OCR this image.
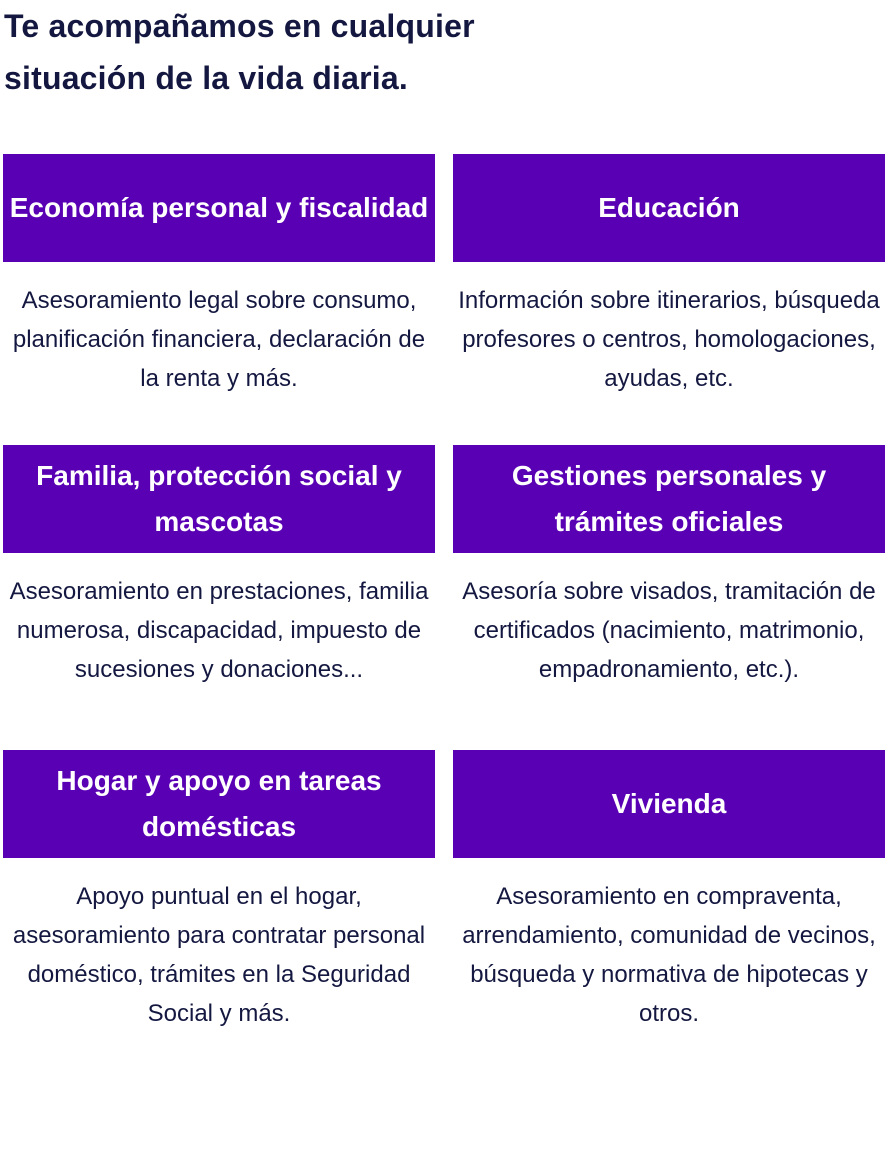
Te acompañamos en cualquier situación de la vida diaria.
Economía personal y fiscalidad
Asesoramiento legal sobre consumo, planificación financiera, declaración de la renta y más.
Educación
Información sobre itinerarios, búsqueda profesores o centros, homologaciones, ayudas, etc.
Familia, protección social y mascotas
Asesoramiento en prestaciones, familia numerosa, discapacidad, impuesto de sucesiones y donaciones...
Gestiones personales y trámites oficiales
Asesoría sobre visados, tramitación de certificados (nacimiento, matrimonio, empadronamiento, etc.).
Hogar y apoyo en tareas domésticas
Apoyo puntual en el hogar, asesoramiento para contratar personal doméstico, trámites en la Seguridad Social y más.
Vivienda
Asesoramiento en compraventa, arrendamiento, comunidad de vecinos, búsqueda y normativa de hipotecas y otros.
